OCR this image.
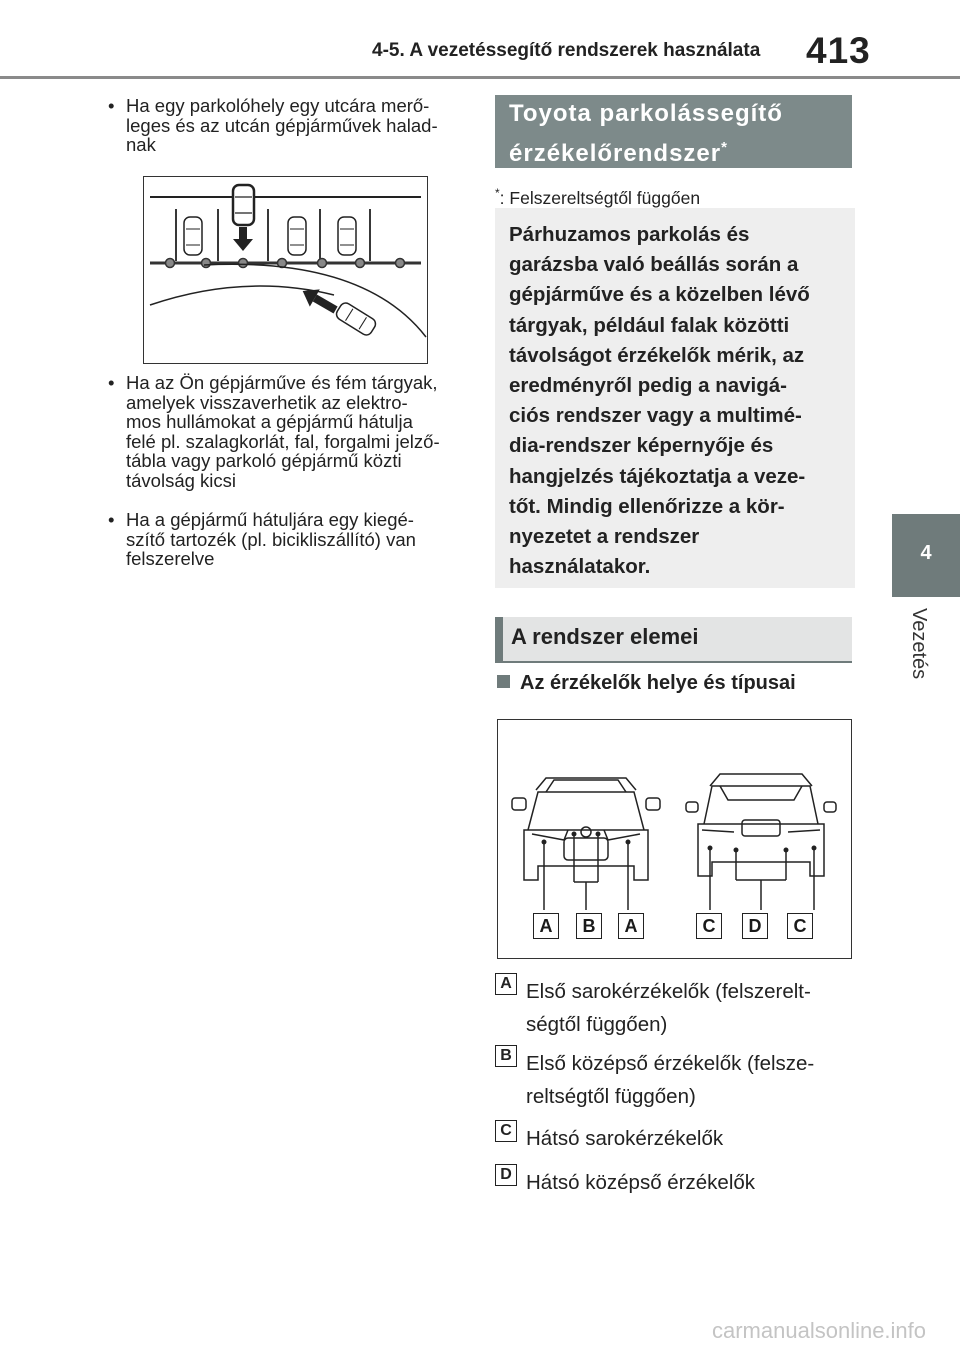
4-5. A vezetéssegítő rendszerek használata 413
4
Vezetés
• Ha egy parkolóhely egy utcára merő-
leges és az utcán gépjárművek halad-
nak
• Ha az Ön gépjárműve és fém tárgyak,
amelyek visszaverhetik az elektro-
mos hullámokat a gépjármű hátulja
felé pl. szalagkorlát, fal, forgalmi jelző-
tábla vagy parkoló gépjármű közti
távolság kicsi
• Ha a gépjármű hátuljára egy kiegé-
szítő tartozék (pl. bicikliszállító) van
felszerelve
Toyota parkolássegítő
érzékelőrendszer*
*: Felszereltségtől függően
Párhuzamos parkolás és
garázsba való beállás során a
gépjárműve és a közelben lévő
tárgyak, például falak közötti
távolságot érzékelők mérik, az
eredményről pedig a navigá-
ciós rendszer vagy a multimé-
dia-rendszer képernyője és
hangjelzés tájékoztatja a veze-
tőt. Mindig ellenőrizze a kör-
nyezetet a rendszer
használatakor.
A rendszer elemei
Az érzékelők helye és típusai
A	B	A	C	D	C
A Első sarokérzékelők (felszerelt-
ségtől függően)
B Első középső érzékelők (felsze-
reltségtől függően)
C Hátsó sarokérzékelők
D Hátsó középső érzékelők
carmanualsonline.info
